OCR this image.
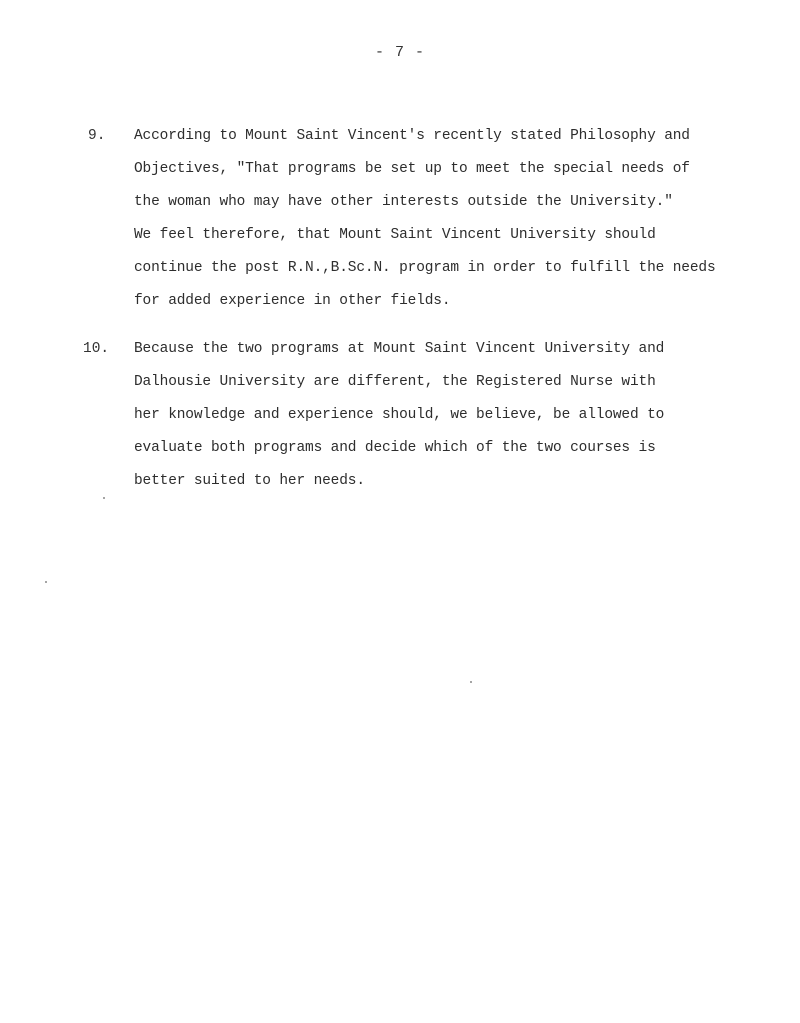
- 7 -
9. According to Mount Saint Vincent's recently stated Philosophy and
Objectives, "That programs be set up to meet the special needs of
the woman who may have other interests outside the University."
We feel therefore, that Mount Saint Vincent University should
continue the post R.N.,B.Sc.N. program in order to fulfill the needs
for added experience in other fields.
10. Because the two programs at Mount Saint Vincent University and
Dalhousie University are different, the Registered Nurse with
her knowledge and experience should, we believe, be allowed to
evaluate both programs and decide which of the two courses is
better suited to her needs.
